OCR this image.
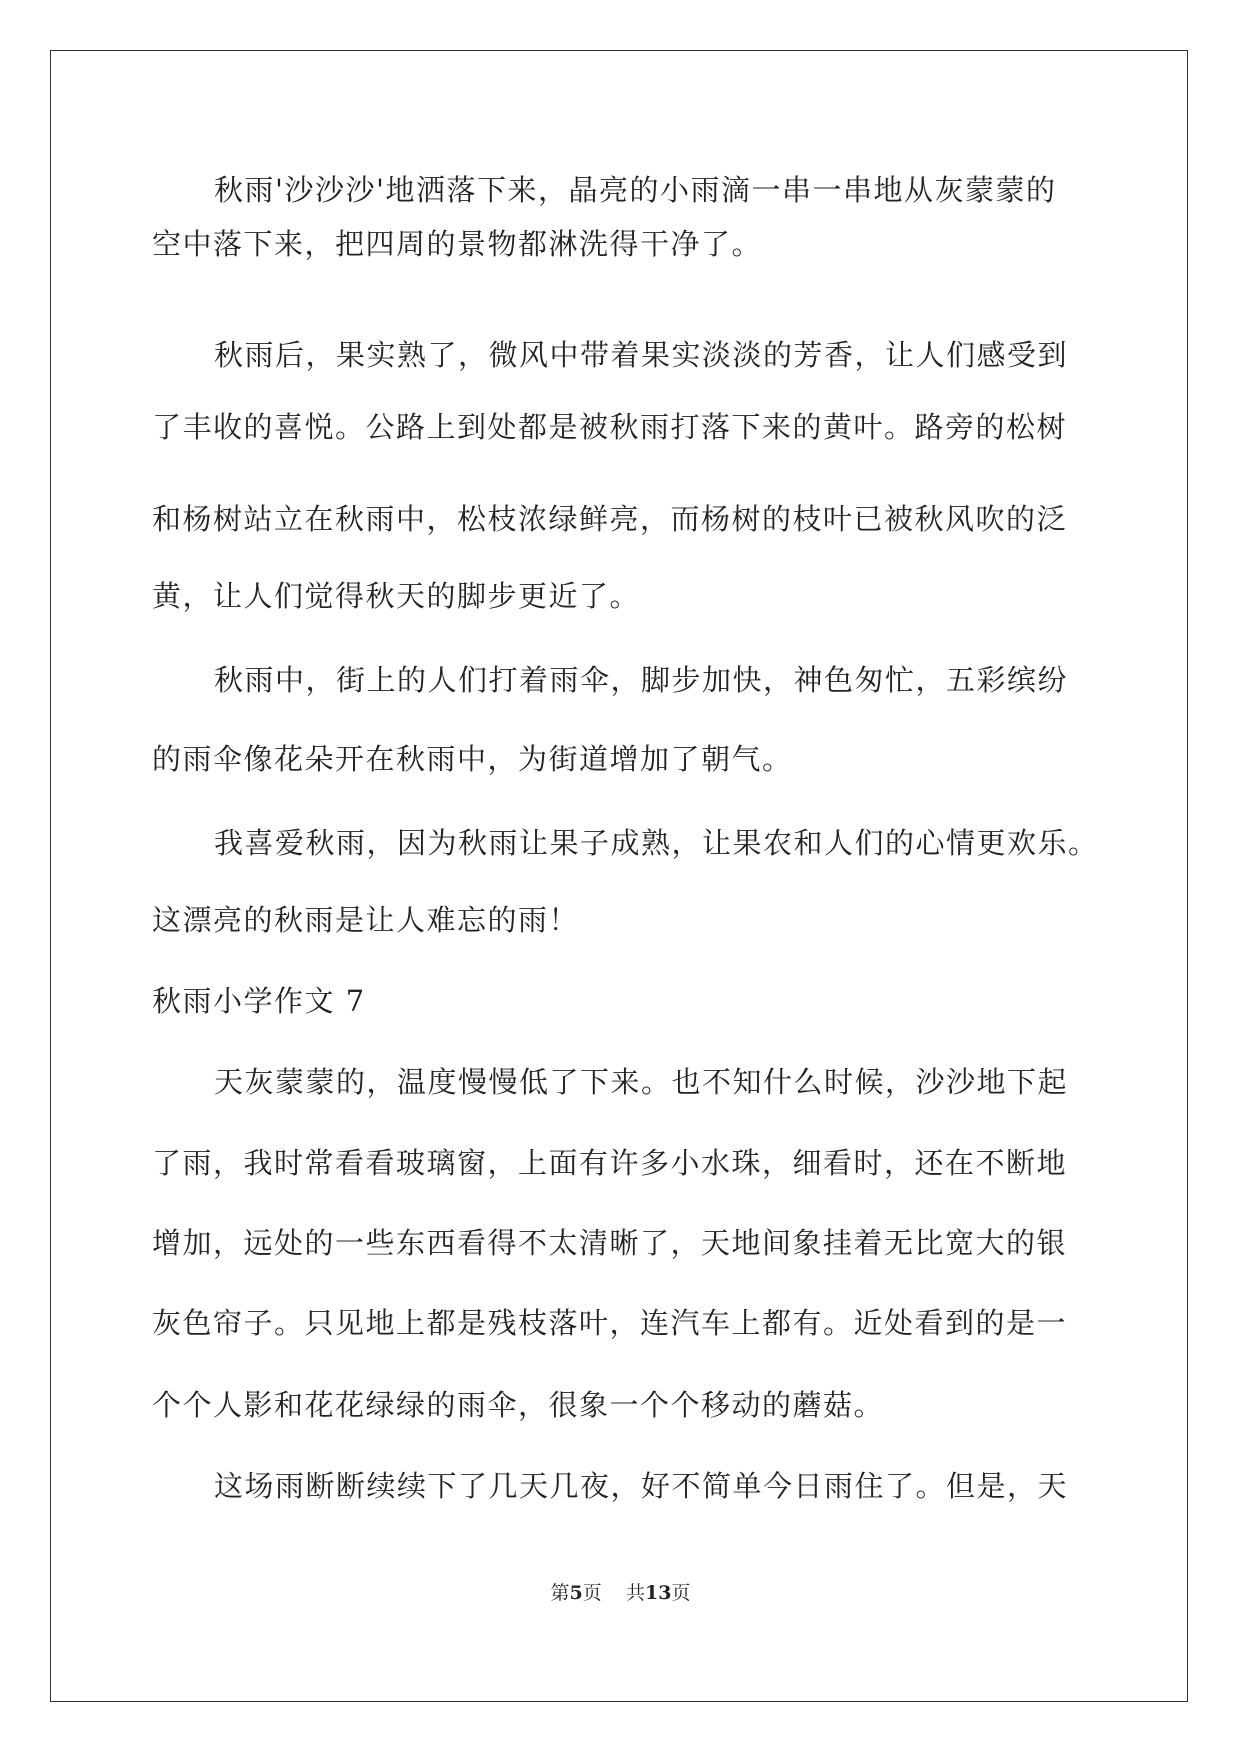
秋雨'沙沙沙'地洒落下来，晶亮的小雨滴一串一串地从灰蒙蒙的
空中落下来，把四周的景物都淋洗得干净了。
秋雨后，果实熟了，微风中带着果实淡淡的芳香，让人们感受到
了丰收的喜悦。公路上到处都是被秋雨打落下来的黄叶。路旁的松树
和杨树站立在秋雨中，松枝浓绿鲜亮，而杨树的枝叶已被秋风吹的泛
黄，让人们觉得秋天的脚步更近了。
秋雨中，街上的人们打着雨伞，脚步加快，神色匆忙，五彩缤纷
的雨伞像花朵开在秋雨中，为街道增加了朝气。
我喜爱秋雨，因为秋雨让果子成熟，让果农和人们的心情更欢乐。
这漂亮的秋雨是让人难忘的雨！
秋雨小学作文 7
天灰蒙蒙的，温度慢慢低了下来。也不知什么时候，沙沙地下起
了雨，我时常看看玻璃窗，上面有许多小水珠，细看时，还在不断地
增加，远处的一些东西看得不太清晰了，天地间象挂着无比宽大的银
灰色帘子。只见地上都是残枝落叶，连汽车上都有。近处看到的是一
个个人影和花花绿绿的雨伞，很象一个个移动的蘑菇。
这场雨断断续续下了几天几夜，好不简单今日雨住了。但是，天
第5页 共13页
